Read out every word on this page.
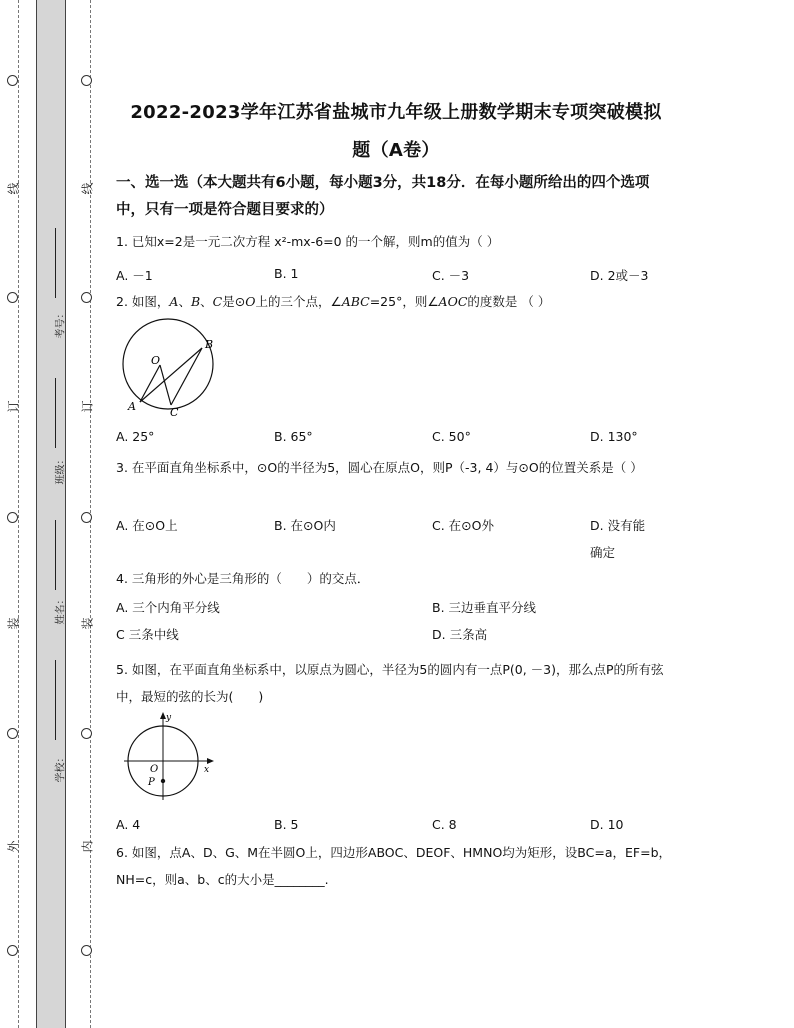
线
订
装
外
线
订
装
内
考号：
班级：
姓名：
学校：
2022-2023学年江苏省盐城市九年级上册数学期末专项突破模拟
题（A卷）
一、选一选（本大题共有6小题，每小题3分，共18分．在每小题所给出的四个选项中，只有一项是符合题目要求的）
1. 已知x=2是一元二次方程 x²-mx-6=0 的一个解，则m的值为（ ）
A. －1	B. 1	C. －3	D. 2或－3
2. 如图，A、B、C是⊙O上的三个点，∠ABC=25°，则∠AOC的度数是 （ ）
O
A
B
C
A. 25°	B. 65°	C. 50°	D. 130°
3. 在平面直角坐标系中，⊙O的半径为5，圆心在原点O，则P（-3, 4）与⊙O的位置关系是（ ）
A. 在⊙O上	B. 在⊙O内	C. 在⊙O外	D. 没有能确定
4. 三角形的外心是三角形的（　　）的交点．
A. 三个内角平分线	B. 三边垂直平分线
C 三条中线	D. 三条高
5. 如图，在平面直角坐标系中，以原点为圆心，半径为5的圆内有一点P(0, －3)，那么点P的所有弦中，最短的弦的长为(　　)
y
x
O
P
A. 4	B. 5	C. 8	D. 10
6. 如图，点A、D、G、M在半圆O上，四边形ABOC、DEOF、HMNO均为矩形，设BC=a，EF=b，NH=c，则a、b、c的大小是________.
